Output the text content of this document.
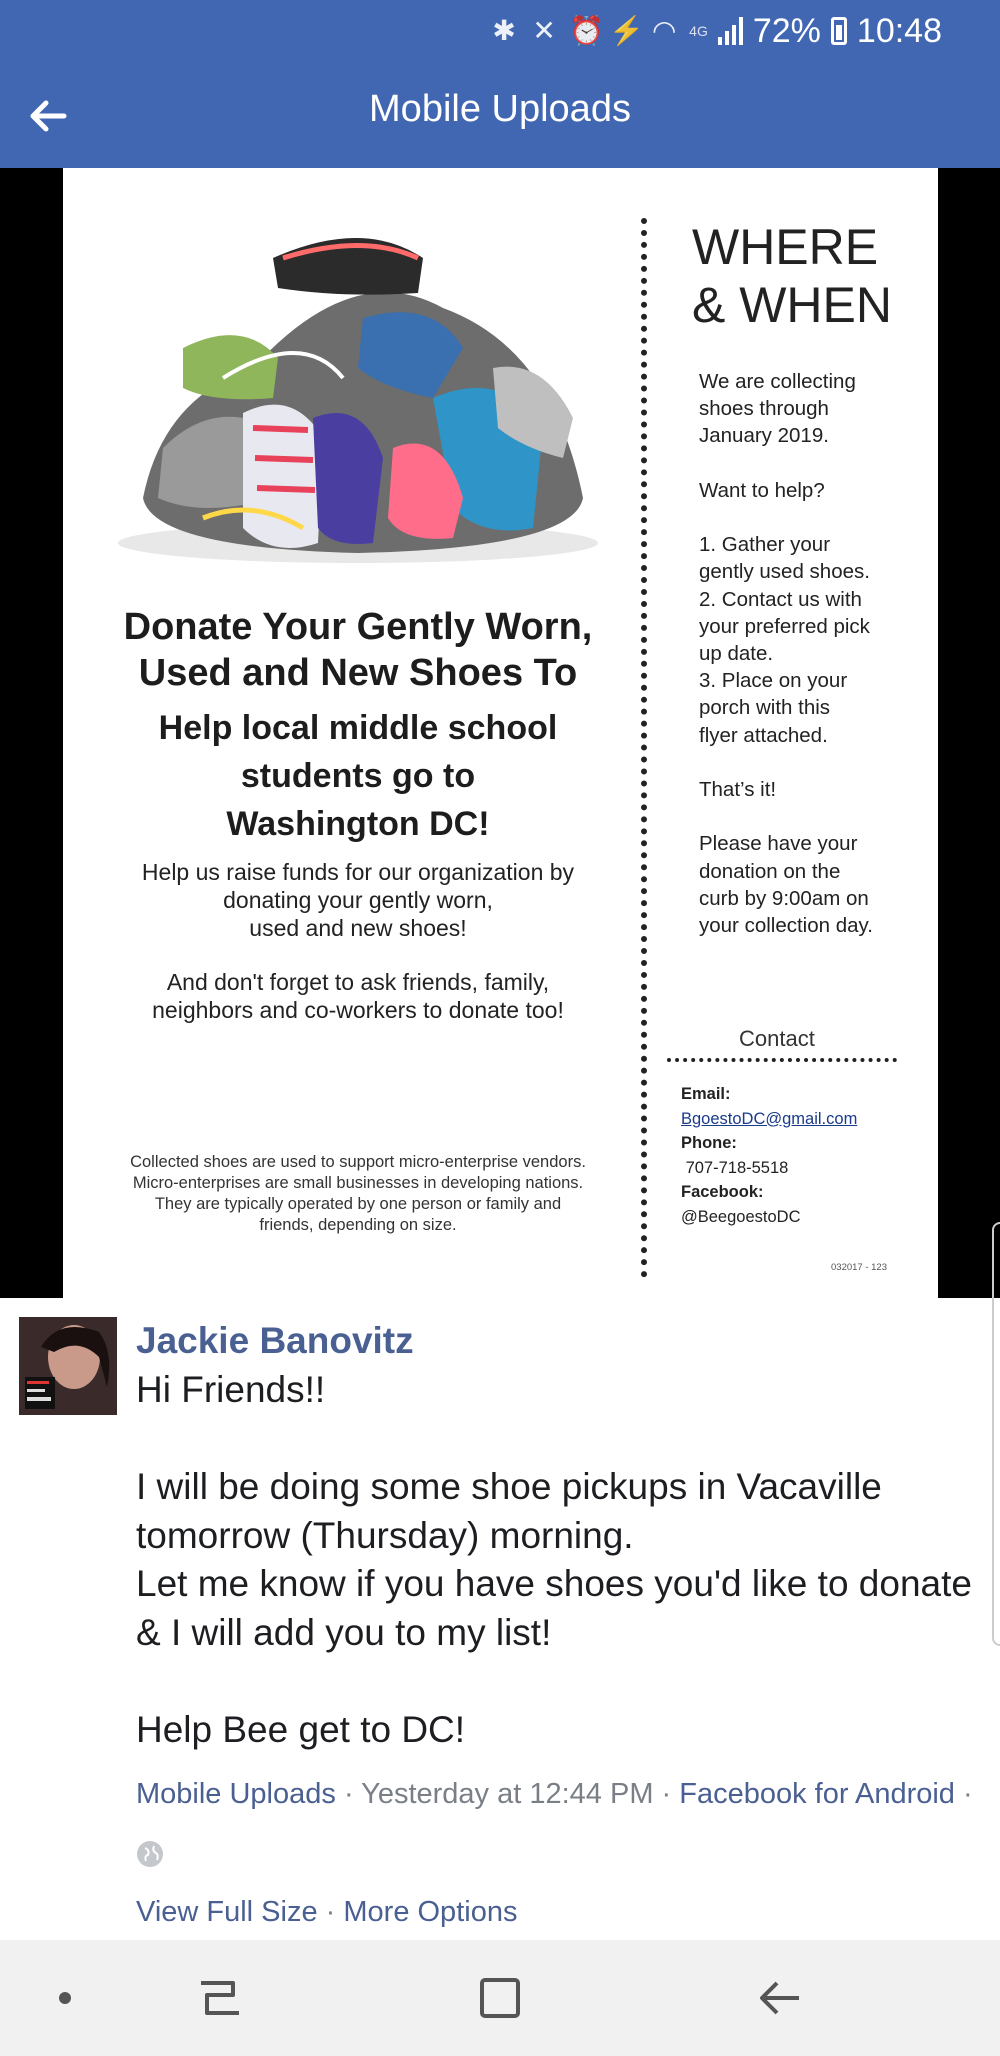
✱ ✕ ⏰ ⚡ ◠ 4G 72% 10:48
Mobile Uploads
Donate Your Gently Worn,
Used and New Shoes To
Help local middle school
students go to
Washington DC!
Help us raise funds for our organization by
donating your gently worn,
used and new shoes!
And don't forget to ask friends, family,
neighbors and co-workers to donate too!
Collected shoes are used to support micro-enterprise vendors.
Micro-enterprises are small businesses in developing nations.
They are typically operated by one person or family and
friends, depending on size.
WHERE
& WHEN
We are collecting
shoes through
January 2019.

Want to help?

1. Gather your
gently used shoes.
2. Contact us with
your preferred pick
up date.
3. Place on your
porch with this
flyer attached.

That’s it!

Please have your
donation on the
curb by 9:00am on
your collection day.
Contact
Email:
BgoestoDC@gmail.com
Phone:
707-718-5518
Facebook:
@BeegoestoDC
032017 - 123
Jackie Banovitz
Hi Friends!!

I will be doing some shoe pickups in Vacaville tomorrow (Thursday) morning.
Let me know if you have shoes you'd like to donate & I will add you to my list!

Help Bee get to DC!
Mobile Uploads · Yesterday at 12:44 PM · Facebook for Android ·
View Full Size · More Options
